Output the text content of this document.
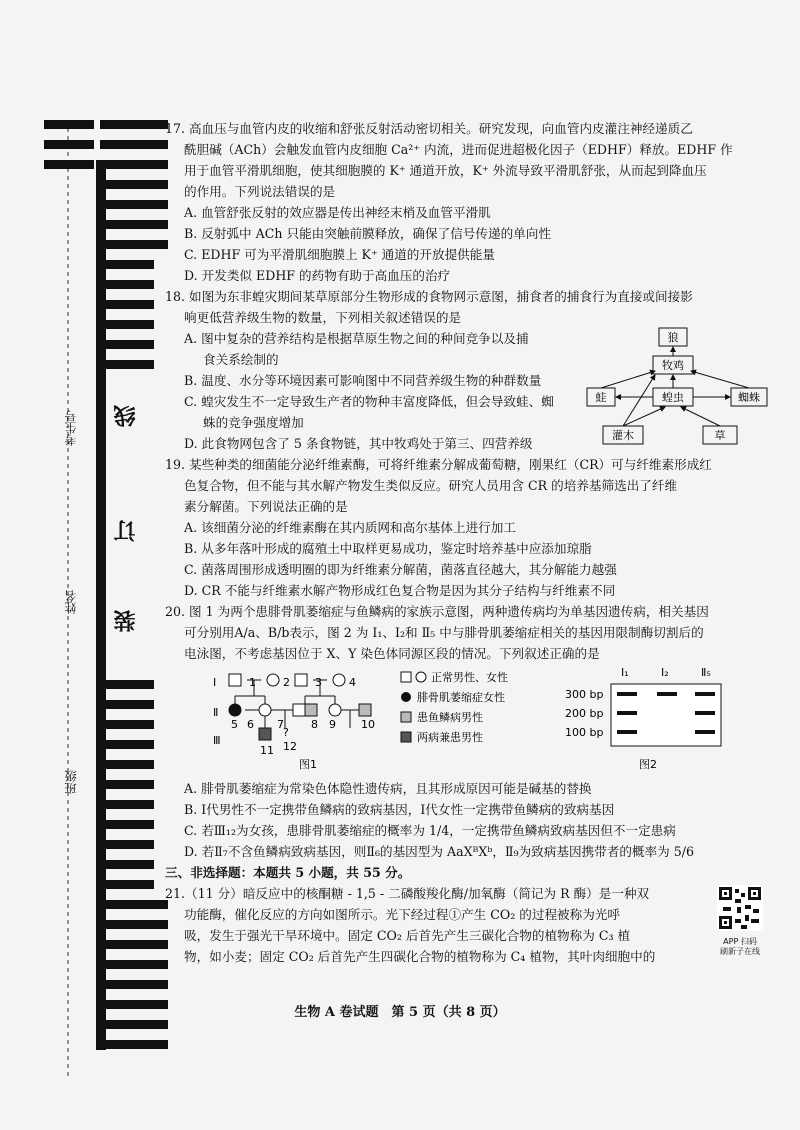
考生号
姓名
班级
线
订
装

17. 高血压与血管内皮的收缩和舒张反射活动密切相关。研究发现，向血管内皮灌注神经递质乙

酰胆碱（ACh）会触发血管内皮细胞 Ca²⁺ 内流，进而促进超极化因子（EDHF）释放。EDHF 作

用于血管平滑肌细胞，使其细胞膜的 K⁺ 通道开放，K⁺ 外流导致平滑肌舒张，从而起到降血压

的作用。下列说法错误的是

A. 血管舒张反射的效应器是传出神经末梢及血管平滑肌

B. 反射弧中 ACh 只能由突触前膜释放，确保了信号传递的单向性

C. EDHF 可为平滑肌细胞膜上 K⁺ 通道的开放提供能量

D. 开发类似 EDHF 的药物有助于高血压的治疗

18. 如图为东非蝗灾期间某草原部分生物形成的食物网示意图，捕食者的捕食行为直接或间接影

响更低营养级生物的数量，下列相关叙述错误的是

A. 图中复杂的营养结构是根据草原生物之间的种间竞争以及捕

食关系绘制的

B. 温度、水分等环境因素可影响图中不同营养级生物的种群数量

C. 蝗灾发生不一定导致生产者的物种丰富度降低，但会导致蛙、蜘

蛛的竞争强度增加

D. 此食物网包含了 5 条食物链，其中牧鸡处于第三、四营养级

狼
牧鸡
蛙	蝗虫	蜘蛛
灌木	草

19. 某些种类的细菌能分泌纤维素酶，可将纤维素分解成葡萄糖，刚果红（CR）可与纤维素形成红

色复合物，但不能与其水解产物发生类似反应。研究人员用含 CR 的培养基筛选出了纤维

素分解菌。下列说法正确的是

A. 该细菌分泌的纤维素酶在其内质网和高尔基体上进行加工

B. 从多年落叶形成的腐殖土中取样更易成功，鉴定时培养基中应添加琼脂

C. 菌落周围形成透明圈的即为纤维素分解菌，菌落直径越大，其分解能力越强

D. CR 不能与纤维素水解产物形成红色复合物是因为其分子结构与纤维素不同

20. 图 1 为两个患腓骨肌萎缩症与鱼鳞病的家族示意图，两种遗传病均为单基因遗传病，相关基因

可分别用A/a、B/b表示，图 2 为 Ⅰ₁、Ⅰ₂和 Ⅱ₅ 中与腓骨肌萎缩症相关的基因用限制酶切割后的

电泳图，不考虑基因位于 X、Y 染色体同源区段的情况。下列叙述正确的是

Ⅰ
Ⅱ
Ⅲ
?
1 2 3 4
5 6 7 8 9 10
11 12
正常男性、女性
腓骨肌萎缩症女性
患鱼鳞病男性
两病兼患男性
Ⅰ₁	Ⅰ₂	Ⅱ₅
300 bp
200 bp
100 bp
图1	图2

A. 腓骨肌萎缩症为常染色体隐性遗传病，且其形成原因可能是碱基的替换

B. Ⅰ代男性不一定携带鱼鳞病的致病基因，Ⅰ代女性一定携带鱼鳞病的致病基因

C. 若Ⅲ₁₂为女孩，患腓骨肌萎缩症的概率为 1/4，一定携带鱼鳞病致病基因但不一定患病

D. 若Ⅱ₇不含鱼鳞病致病基因，则Ⅱ₆的基因型为 AaXᴮXᵇ，Ⅱ₉为致病基因携带者的概率为 5/6

三、非选择题：本题共 5 小题，共 55 分。

21.（11 分）暗反应中的核酮糖 - 1,5 - 二磷酸羧化酶/加氧酶（简记为 R 酶）是一种双

功能酶，催化反应的方向如图所示。光下经过程①产生 CO₂ 的过程被称为光呼

吸，发生于强光干旱环境中。固定 CO₂ 后首先产生三碳化合物的植物称为 C₃ 植

物，如小麦；固定 CO₂ 后首先产生四碳化合物的植物称为 C₄ 植物，其叶肉细胞中的

APP 扫码
刷新子在线
生物 A 卷试题　第 5 页（共 8 页）
